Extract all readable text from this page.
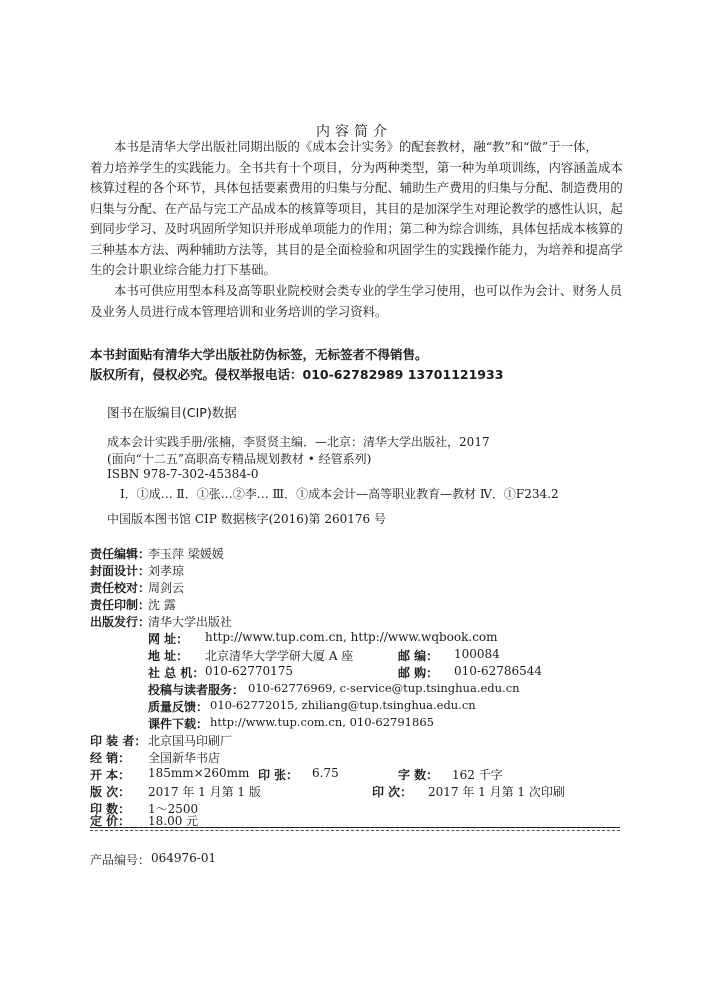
内容简介
本书是清华大学出版社同期出版的《成本会计实务》的配套教材，融“教”和“做”于一体，
着力培养学生的实践能力。全书共有十个项目，分为两种类型，第一种为单项训练，内容涵盖成本
核算过程的各个环节，具体包括要素费用的归集与分配、辅助生产费用的归集与分配、制造费用的
归集与分配、在产品与完工产品成本的核算等项目，其目的是加深学生对理论教学的感性认识，起
到同步学习、及时巩固所学知识并形成单项能力的作用；第二种为综合训练，具体包括成本核算的
三种基本方法、两种辅助方法等，其目的是全面检验和巩固学生的实践操作能力，为培养和提高学
生的会计职业综合能力打下基础。
本书可供应用型本科及高等职业院校财会类专业的学生学习使用，也可以作为会计、财务人员
及业务人员进行成本管理培训和业务培训的学习资料。
本书封面贴有清华大学出版社防伪标签，无标签者不得销售。
版权所有，侵权必究。侵权举报电话：010-62782989 13701121933
图书在版编目(CIP)数据
成本会计实践手册/张楠，李贤贤主编．—北京：清华大学出版社，2017
(面向“十二五”高职高专精品规划教材 • 经管系列)
ISBN 978-7-302-45384-0
Ⅰ．①成… Ⅱ．①张…②李… Ⅲ．①成本会计—高等职业教育—教材 Ⅳ．①F234.2
中国版本图书馆 CIP 数据核字(2016)第 260176 号
责任编辑：
李玉萍 梁媛媛
封面设计：
刘孝琼
责任校对：
周剑云
责任印制：
沈 露
出版发行：
清华大学出版社
网 址： http://www.tup.com.cn, http://www.wqbook.com
地 址： 北京清华大学学研大厦 A 座	邮 编： 100084
社 总 机： 010-62770175	邮 购： 010-62786544
投稿与读者服务： 010-62776969, c-service@tup.tsinghua.edu.cn
质量反馈： 010-62772015, zhiliang@tup.tsinghua.edu.cn
课件下载： http://www.tup.com.cn, 010-62791865
印 装 者： 北京国马印刷厂
经 销： 全国新华书店
开 本： 185mm×260mm 印 张： 6.75	字 数： 162 千字
版 次： 2017 年 1 月第 1 版	印 次： 2017 年 1 月第 1 次印刷
印 数： 1～2500
定 价： 18.00 元
产品编号： 064976-01
